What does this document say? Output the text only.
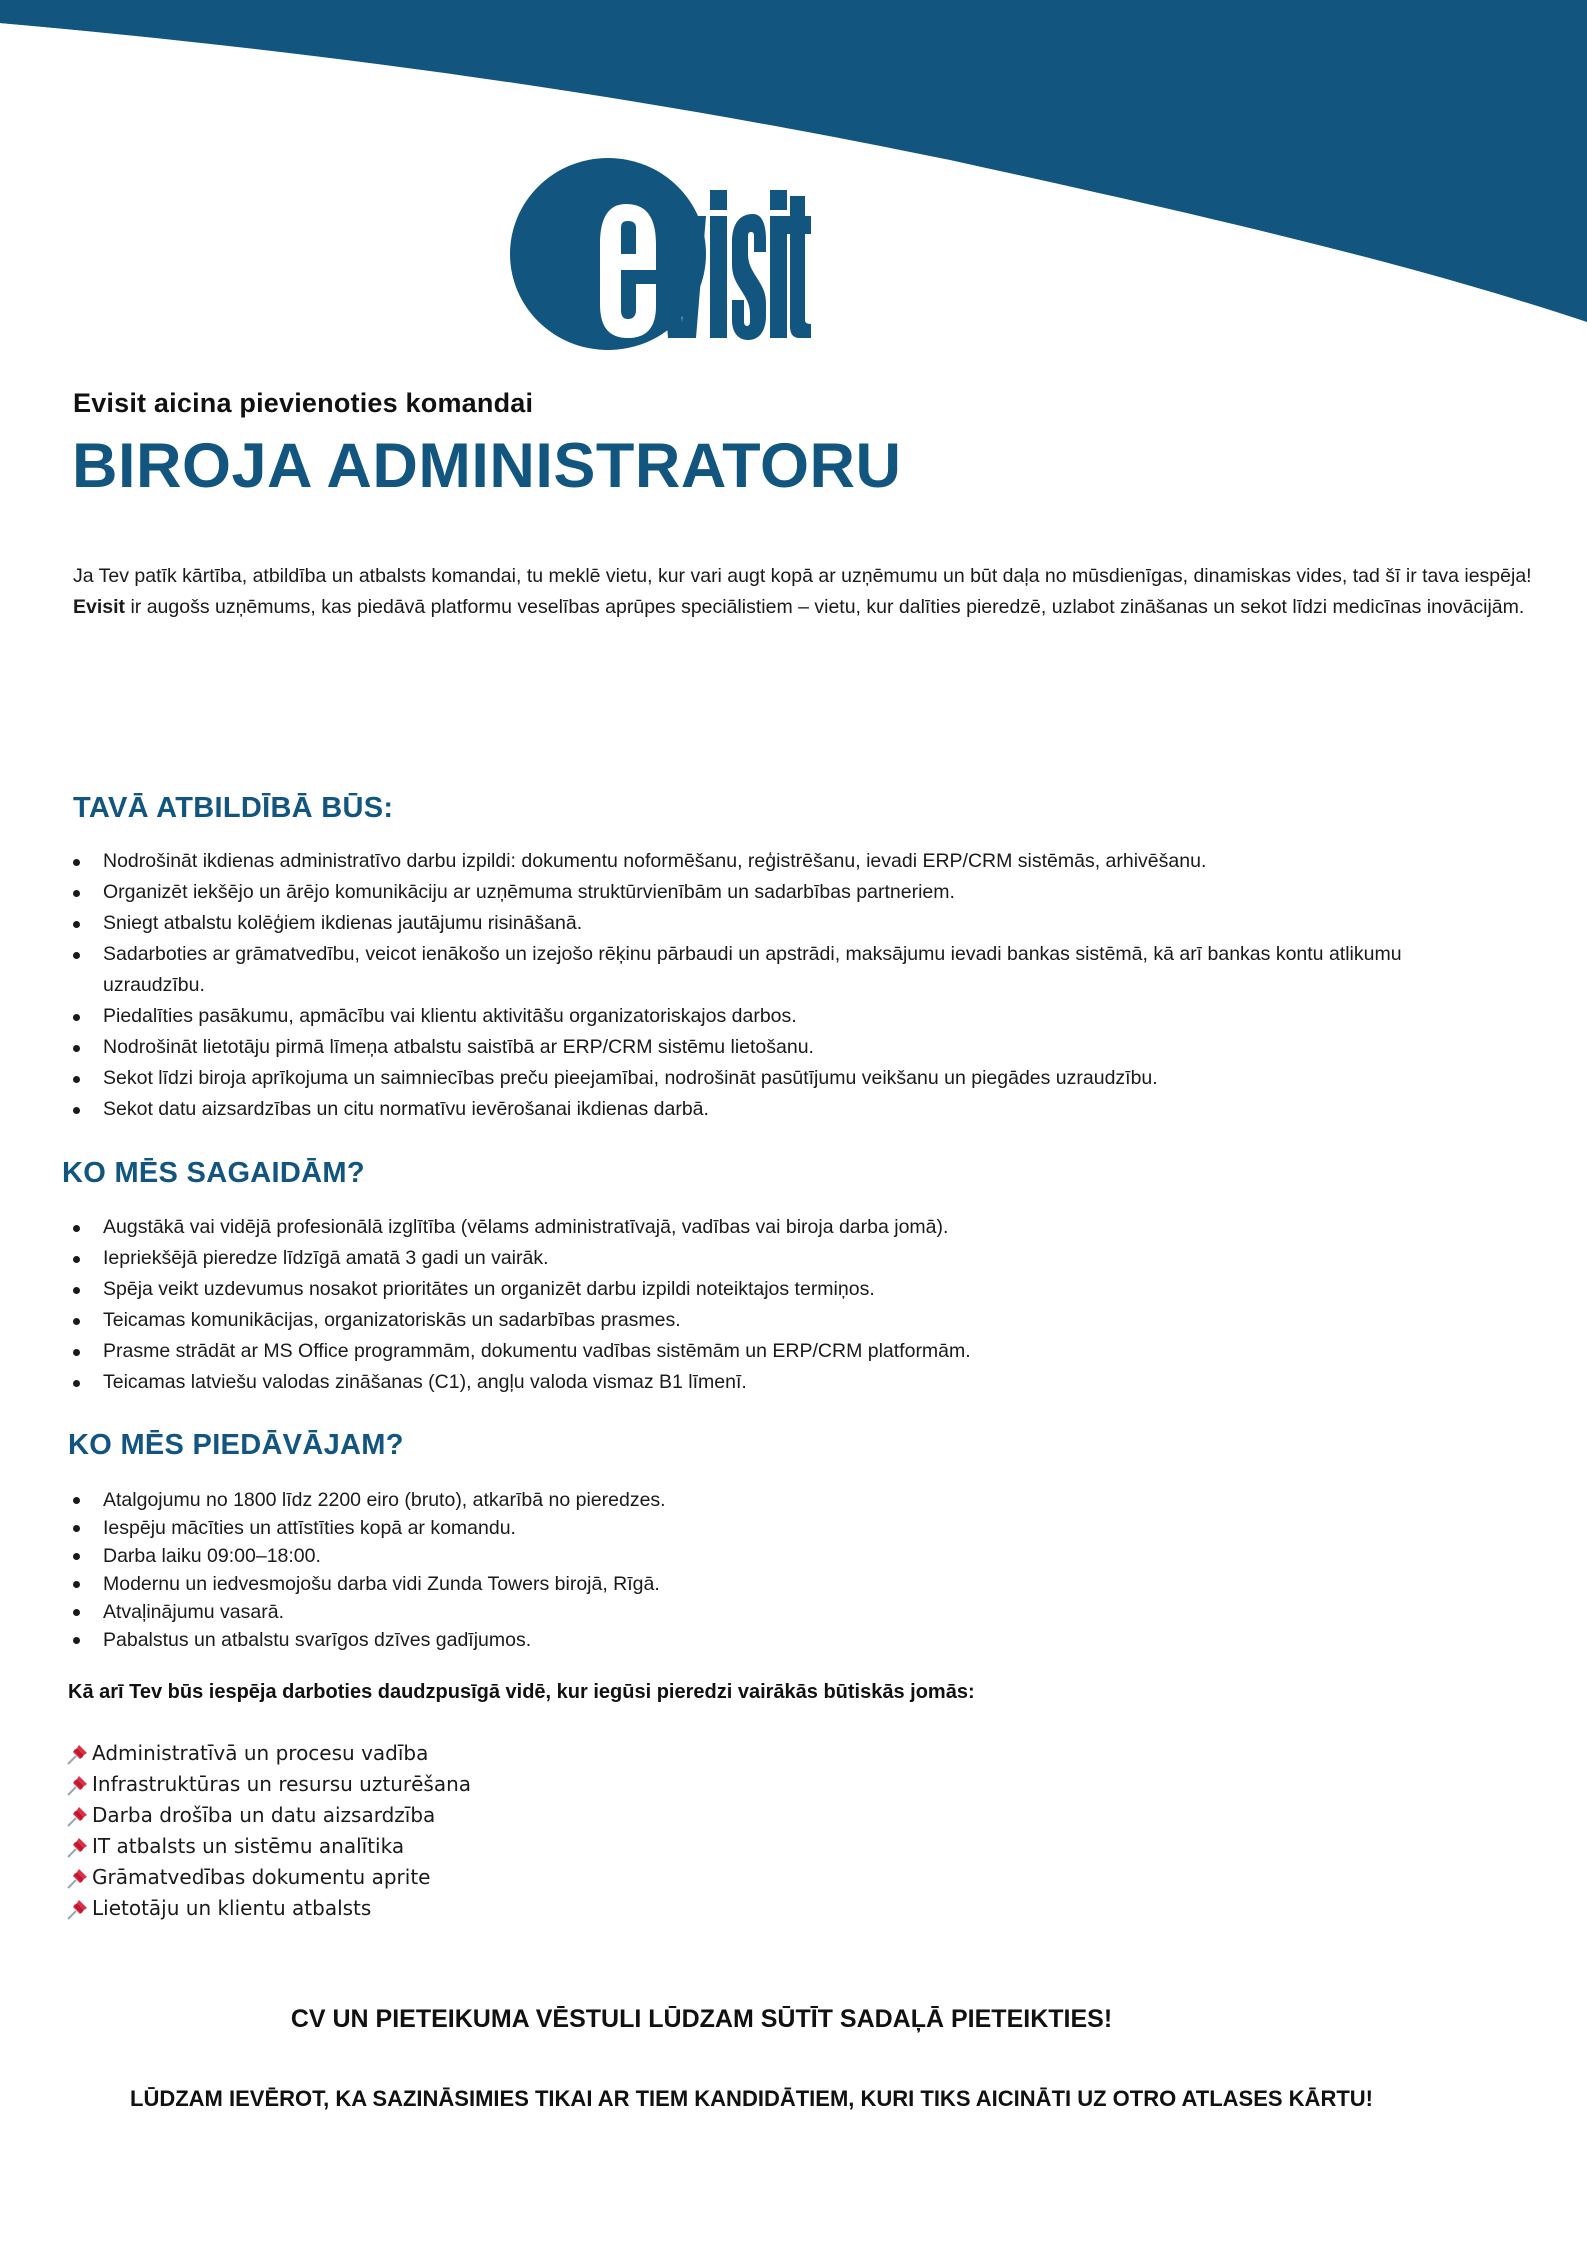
Evisit aicina pievienoties komandai
BIROJA ADMINISTRATORU

Ja Tev patīk kārtība, atbildība un atbalsts komandai, tu meklē vietu, kur vari augt kopā ar uzņēmumu un būt daļa no mūsdienīgas, dinamiskas vides, tad šī ir tava iespēja!

Evisit ir augošs uzņēmums, kas piedāvā platformu veselības aprūpes speciālistiem – vietu, kur dalīties pieredzē, uzlabot zināšanas un sekot līdzi medicīnas inovācijām.

TAVĀ ATBILDĪBĀ BŪS:
Nodrošināt ikdienas administratīvo darbu izpildi: dokumentu noformēšanu, reģistrēšanu, ievadi ERP/CRM sistēmās, arhivēšanu.
Organizēt iekšējo un ārējo komunikāciju ar uzņēmuma struktūrvienībām un sadarbības partneriem.
Sniegt atbalstu kolēģiem ikdienas jautājumu risināšanā.
Sadarboties ar grāmatvedību, veicot ienākošo un izejošo rēķinu pārbaudi un apstrādi, maksājumu ievadi bankas sistēmā, kā arī bankas kontu atlikumu uzraudzību.
Piedalīties pasākumu, apmācību vai klientu aktivitāšu organizatoriskajos darbos.
Nodrošināt lietotāju pirmā līmeņa atbalstu saistībā ar ERP/CRM sistēmu lietošanu.
Sekot līdzi biroja aprīkojuma un saimniecības preču pieejamībai, nodrošināt pasūtījumu veikšanu un piegādes uzraudzību.
Sekot datu aizsardzības un citu normatīvu ievērošanai ikdienas darbā.
KO MĒS SAGAIDĀM?
Augstākā vai vidējā profesionālā izglītība (vēlams administratīvajā, vadības vai biroja darba jomā).
Iepriekšējā pieredze līdzīgā amatā 3 gadi un vairāk.
Spēja veikt uzdevumus nosakot prioritātes un organizēt darbu izpildi noteiktajos termiņos.
Teicamas komunikācijas, organizatoriskās un sadarbības prasmes.
Prasme strādāt ar MS Office programmām, dokumentu vadības sistēmām un ERP/CRM platformām.
Teicamas latviešu valodas zināšanas (C1), angļu valoda vismaz B1 līmenī.
KO MĒS PIEDĀVĀJAM?
Atalgojumu no 1800 līdz 2200 eiro (bruto), atkarībā no pieredzes.
Iespēju mācīties un attīstīties kopā ar komandu.
Darba laiku 09:00–18:00.
Modernu un iedvesmojošu darba vidi Zunda Towers birojā, Rīgā.
Atvaļinājumu vasarā.
Pabalstus un atbalstu svarīgos dzīves gadījumos.
Kā arī Tev būs iespēja darboties daudzpusīgā vidē, kur iegūsi pieredzi vairākās būtiskās jomās:
Administratīvā un procesu vadība
Infrastruktūras un resursu uzturēšana
Darba drošība un datu aizsardzība
IT atbalsts un sistēmu analītika
Grāmatvedības dokumentu aprite
Lietotāju un klientu atbalsts
CV UN PIETEIKUMA VĒSTULI LŪDZAM SŪTĪT SADAĻĀ PIETEIKTIES!
LŪDZAM IEVĒROT, KA SAZINĀSIMIES TIKAI AR TIEM KANDIDĀTIEM, KURI TIKS AICINĀTI UZ OTRO ATLASES KĀRTU!
